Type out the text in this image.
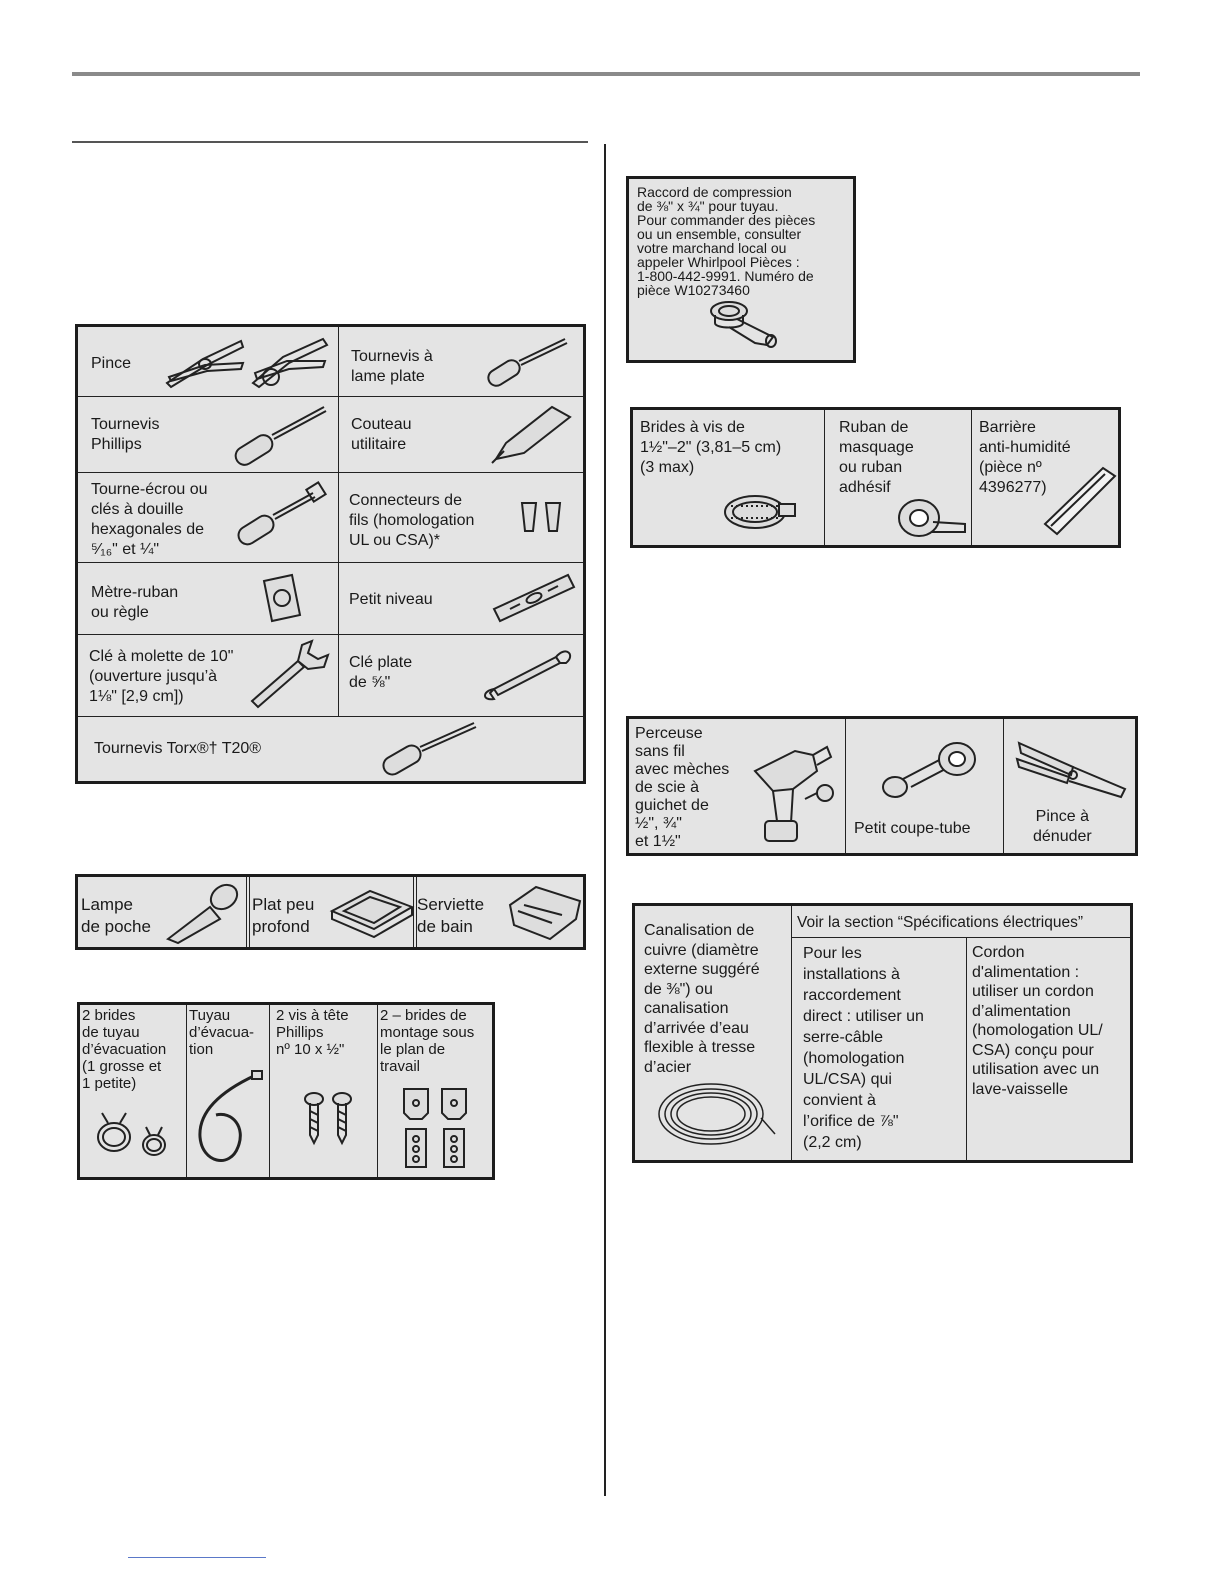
Pince	Tournevis à
lame plate
Tournevis
Phillips
Couteau
utilitaire
Tourne-écrou ou
clés à douille
hexagonales de
⁵⁄₁₆" et ¼"
Connecteurs de
fils (homologation
UL ou CSA)*
Mètre-ruban
ou règle
Petit niveau
Clé à molette de 10"
(ouverture jusqu’à
1⅛" [2,9 cm])
Clé plate
de ⅝"
Tournevis Torx®† T20®
Lampe
de poche
Plat peu
profond
Serviette
de bain
2 brides
de tuyau
d’évacuation
(1 grosse et
1 petite)
Tuyau
d’évacua-
tion
2 vis à tête
Phillips
nº 10 x ½"
2 – brides de
montage sous
le plan de
travail
Raccord de compression
de ⅜" x ¾" pour tuyau.
Pour commander des pièces
ou un ensemble, consulter
votre marchand local ou
appeler Whirlpool Pièces :
1-800-442-9991. Numéro de
pièce W10273460
Brides à vis de
1½"–2" (3,81–5 cm)
(3 max)
Ruban de
masquage
ou ruban
adhésif
Barrière
anti-humidité
(pièce nº
4396277)
Perceuse
sans fil
avec mèches
de scie à
guichet de
½", ¾"
et 1½"
Petit coupe-tube
Pince à
dénuder
Canalisation de
cuivre (diamètre
externe suggéré
de ⅜") ou
canalisation
d’arrivée d’eau
flexible à tresse
d’acier
Voir la section “Spécifications électriques”
Pour les
installations à
raccordement
direct : utiliser un
serre-câble
(homologation
UL/CSA) qui
convient à
l’orifice de ⅞"
(2,2 cm)
Cordon
d'alimentation :
utiliser un cordon
d’alimentation
(homologation UL/
CSA) conçu pour
utilisation avec un
lave-vaisselle
